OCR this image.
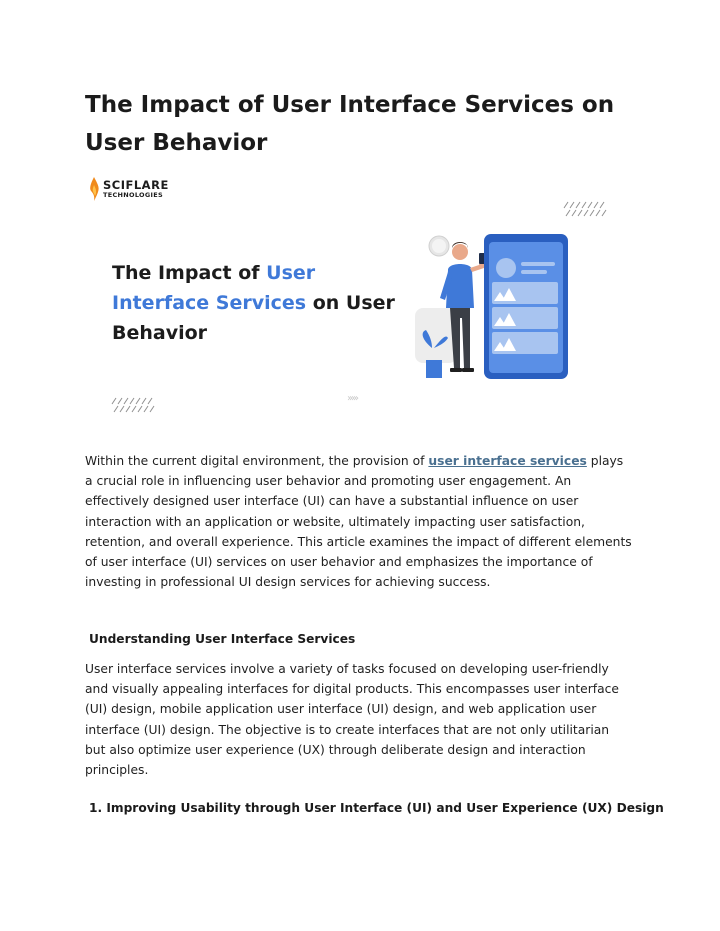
The Impact of User Interface Services on User Behavior
SCIFLARE
TECHNOLOGIES
The Impact of User Interface Services on User Behavior
›››››

Within the current digital environment, the provision of user interface services plays a crucial role in influencing user behavior and promoting user engagement. An effectively designed user interface (UI) can have a substantial influence on user interaction with an application or website, ultimately impacting user satisfaction, retention, and overall experience. This article examines the impact of different elements of user interface (UI) services on user behavior and emphasizes the importance of investing in professional UI design services for achieving success.

Understanding User Interface Services

User interface services involve a variety of tasks focused on developing user-friendly and visually appealing interfaces for digital products. This encompasses user interface (UI) design, mobile application user interface (UI) design, and web application user interface (UI) design. The objective is to create interfaces that are not only utilitarian but also optimize user experience (UX) through deliberate design and interaction principles.

1. Improving Usability through User Interface (UI) and User Experience (UX) Design
